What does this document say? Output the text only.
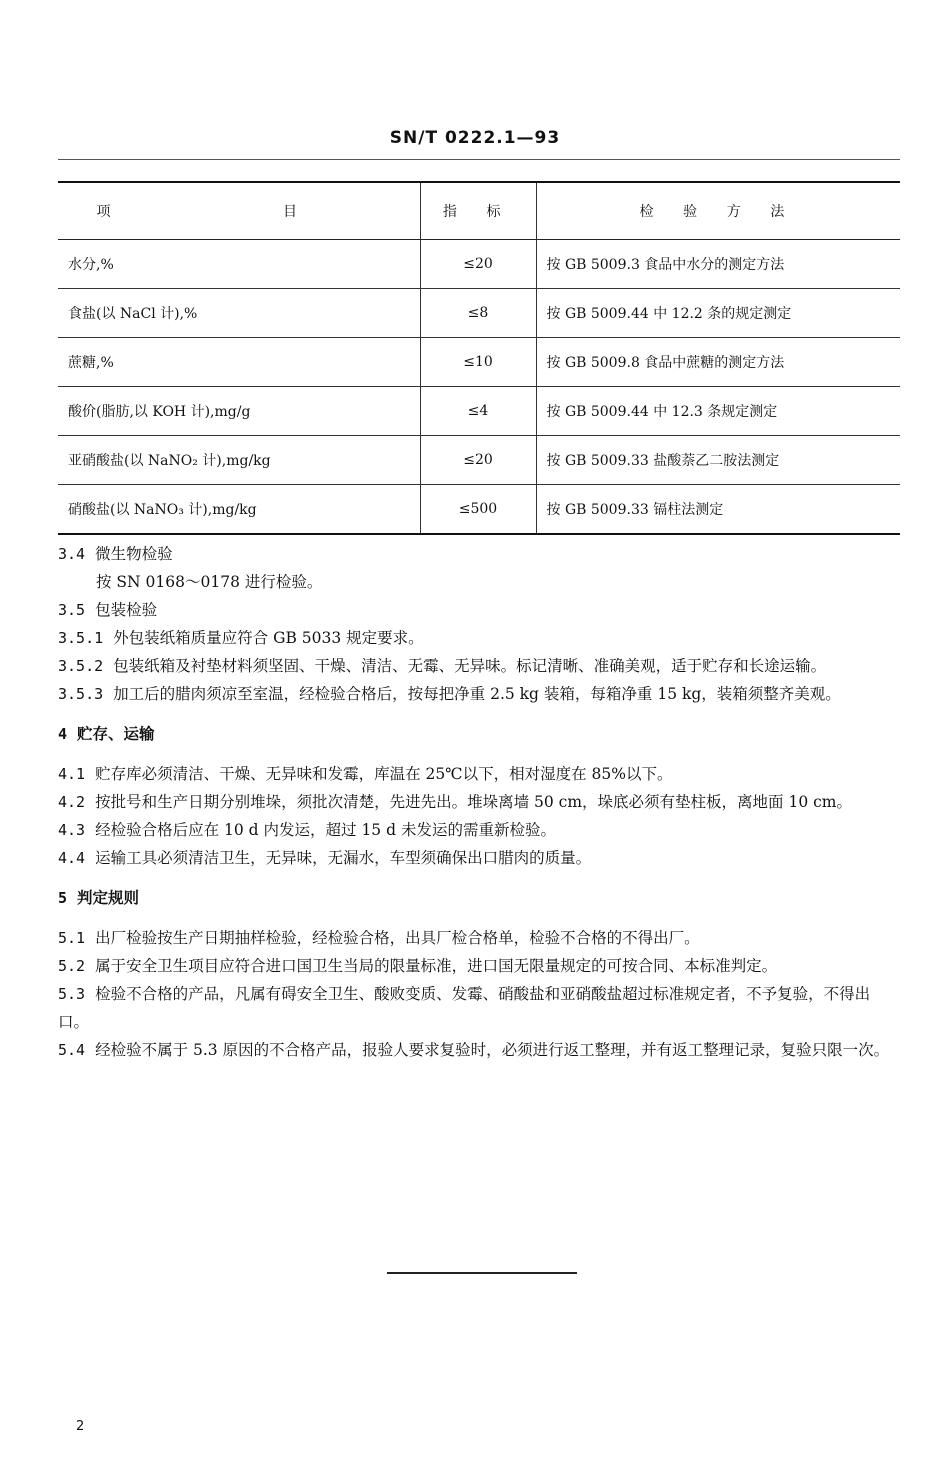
SN/T 0222.1—93
项 目	指 标	检 验 方 法
水分,%	≤20	按 GB 5009.3 食品中水分的测定方法
食盐(以 NaCl 计),%	≤8	按 GB 5009.44 中 12.2 条的规定测定
蔗糖,%	≤10	按 GB 5009.8 食品中蔗糖的测定方法
酸价(脂肪,以 KOH 计),mg/g	≤4	按 GB 5009.44 中 12.3 条规定测定
亚硝酸盐(以 NaNO₂ 计),mg/kg	≤20	按 GB 5009.33 盐酸萘乙二胺法测定
硝酸盐(以 NaNO₃ 计),mg/kg	≤500	按 GB 5009.33 镉柱法测定

3.4 微生物检验

按 SN 0168～0178 进行检验。

3.5 包装检验

3.5.1 外包装纸箱质量应符合 GB 5033 规定要求。

3.5.2 包装纸箱及衬垫材料须坚固、干燥、清洁、无霉、无异味。标记清晰、准确美观，适于贮存和长途运输。

3.5.3 加工后的腊肉须凉至室温，经检验合格后，按每把净重 2.5 kg 装箱，每箱净重 15 kg，装箱须整齐美观。

4 贮存、运输

4.1 贮存库必须清洁、干燥、无异味和发霉，库温在 25℃以下，相对湿度在 85%以下。

4.2 按批号和生产日期分别堆垛，须批次清楚，先进先出。堆垛离墙 50 cm，垛底必须有垫柱板，离地面 10 cm。

4.3 经检验合格后应在 10 d 内发运，超过 15 d 未发运的需重新检验。

4.4 运输工具必须清洁卫生，无异味，无漏水，车型须确保出口腊肉的质量。

5 判定规则

5.1 出厂检验按生产日期抽样检验，经检验合格，出具厂检合格单，检验不合格的不得出厂。

5.2 属于安全卫生项目应符合进口国卫生当局的限量标准，进口国无限量规定的可按合同、本标准判定。

5.3 检验不合格的产品，凡属有碍安全卫生、酸败变质、发霉、硝酸盐和亚硝酸盐超过标准规定者，不予复验，不得出口。

5.4 经检验不属于 5.3 原因的不合格产品，报验人要求复验时，必须进行返工整理，并有返工整理记录，复验只限一次。

2
